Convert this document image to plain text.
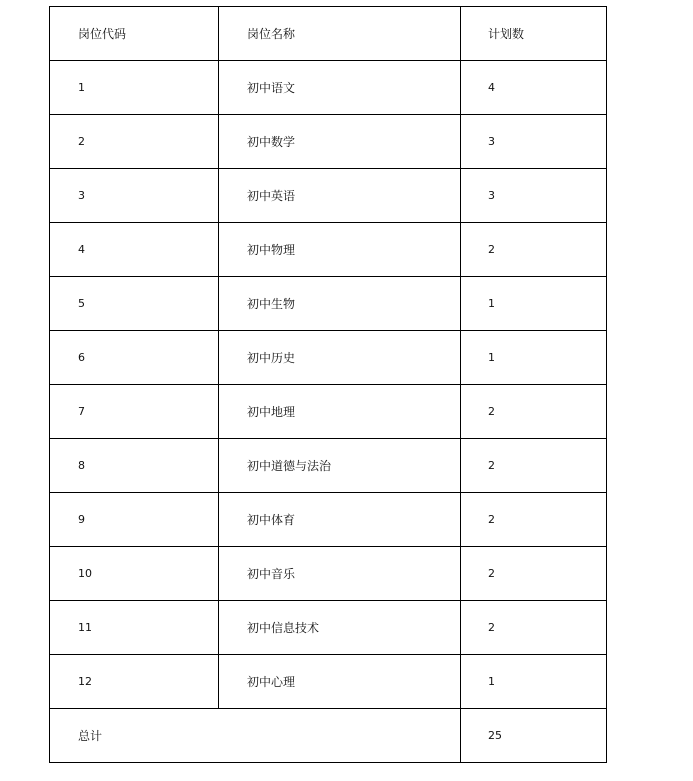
岗位代码	岗位名称	计划数
1	初中语文	4
2	初中数学	3
3	初中英语	3
4	初中物理	2
5	初中生物	1
6	初中历史	1
7	初中地理	2
8	初中道德与法治	2
9	初中体育	2
10	初中音乐	2
11	初中信息技术	2
12	初中心理	1
总计		25
